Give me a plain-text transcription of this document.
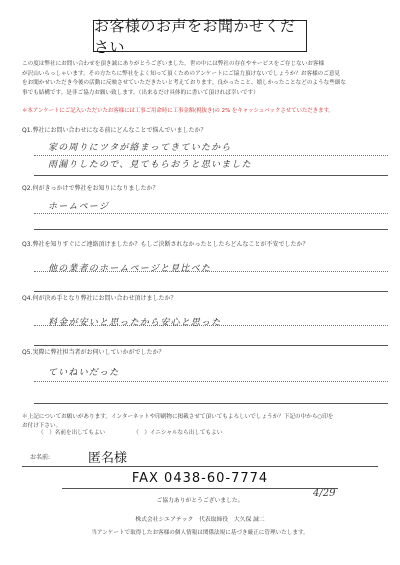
お客様のお声をお聞かせください

この度は弊社にお問い合わせを頂き誠にありがとうございました。世の中には弊社の存在やサービスをご存じないお客様

が沢山いらっしゃいます。その方たちに弊社をよく知って頂くためのアンケートにご協力頂けないでしょうか？お客様のご意見

をお聞かせいただき今後の活動に反映させていただきたいと考えております。良かったこと、嬉しかったことなどのような些細な

事でも結構です。是非ご協力お願い致します。（出来るだけ具体的に書いて頂ければ幸いです）

＊本アンケートにご記入いただいたお客様には工事ご用命時に工事金額(税抜き)の 2% をキャッシュバックさせていただきます。
Q1.弊社にお問い合わせになる前にどんなことで悩んでいましたか？
家の周りにツタが絡まってきていたから
雨漏りしたので、見てもらおうと思いました
Q2.何がきっかけで弊社をお知りになりましたか？
ホームページ
Q3.弊社を知りすぐにご連絡頂けましたか？もしご決断されなかったとしたらどんなことが不安でしたか？
他の業者のホームページと見比べた
Q4.何が決め手となり弊社にお問い合わせ頂けましたか？
料金が安いと思ったから安心と思った
Q5.実際に弊社担当者がお伺いしていかがでしたか？
ていねいだった

＊上記についてお願いがあります。インターネットや印刷物に掲載させて頂いてもよろしいでしょうか？下記の中から○印を

お付け下さい。

（　）名前を出してもよい	（　）イニシャルなら出してもよい
お名前:	匿名様
FAX 0438-60-7774
4/29
ご協力ありがとうございました。
株式会社シエアテック　代表取締役　大久保 誠二
当アンケートで取得したお客様の個人情報は関係法規に基づき厳正に管理いたします。
